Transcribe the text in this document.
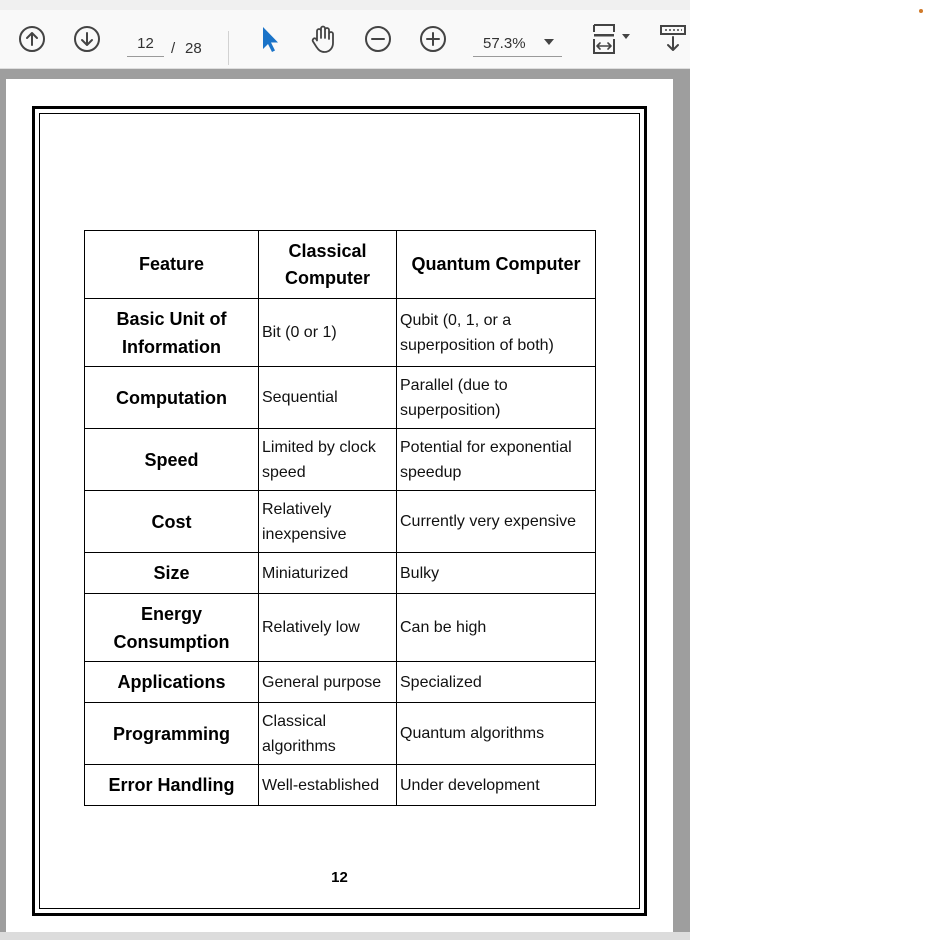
12
/ 28	57.3%
Feature	Classical Computer	Quantum Computer
Basic Unit of Information	Bit (0 or 1)	Qubit (0, 1, or a superposition of both)
Computation	Sequential	Parallel (due to superposition)
Speed	Limited by clock speed	Potential for exponential speedup
Cost	Relatively inexpensive	Currently very expensive
Size	Miniaturized	Bulky
Energy Consumption	Relatively low	Can be high
Applications	General purpose	Specialized
Programming	Classical algorithms	Quantum algorithms
Error Handling	Well-established	Under development
12
